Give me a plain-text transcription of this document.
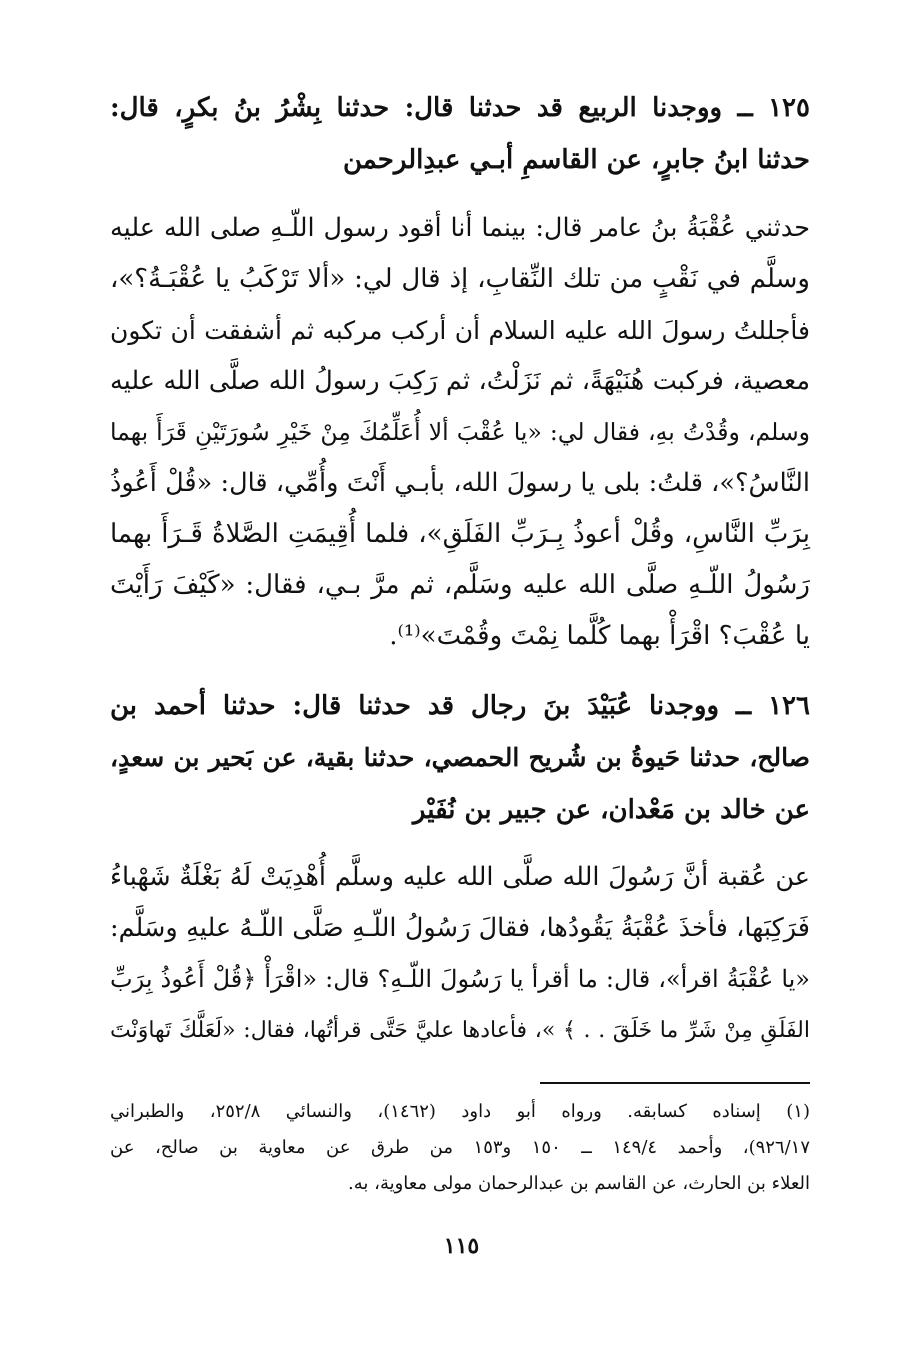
١٢٥ ــ ووجدنا الربيع قد حدثنا قال: حدثنا بِشْرُ بنُ بكرٍ، قال:
حدثنا ابنُ جابرٍ، عن القاسمِ أبـي عبدِالرحمن
حدثني عُقْبَةُ بنُ عامر قال: بينما أنا أقود رسول اللّـهِ صلى الله عليه
وسلَّم في نَقْبٍ من تلك النِّقابِ، إذ قال لي: «ألا تَرْكَبُ يا عُقْبَـةُ؟»،
فأجللتُ رسولَ الله عليه السلام أن أركب مركبه ثم أشفقت أن تكون
معصية، فركبت هُنَيْهَةً، ثم نَزَلْتُ، ثم رَكِبَ رسولُ الله صلَّى الله عليه
وسلم، وقُدْتُ بهِ، فقال لي: «يا عُقْبَ ألا أُعَلِّمُكَ مِنْ خَيْرِ سُورَتَيْنِ قَرَأَ بهما
النَّاسُ؟»، قلتُ: بلى يا رسولَ الله، بأبـي أَنْتَ وأُمِّي، قال: «قُلْ أَعُوذُ
بِرَبِّ النَّاسِ، وقُلْ أعوذُ بِـرَبِّ الفَلَقِ»، فلما أُقِيمَتِ الصَّلاةُ قَـرَأَ بهما
رَسُولُ اللّـهِ صلَّى الله عليه وسَلَّم، ثم مرَّ بـي، فقال: «كَيْفَ رَأَيْتَ
يا عُقْبَ؟ اقْرَأْ بهما كُلَّما نِمْتَ وقُمْتَ»⁽¹⁾.
١٢٦ ــ ووجدنا عُبَيْدَ بنَ رجال قد حدثنا قال: حدثنا أحمد بن
صالح، حدثنا حَيوةُ بن شُريح الحمصي، حدثنا بقية، عن بَحير بن سعدٍ،
عن خالد بن مَعْدان، عن جبير بن نُفَيْر
عن عُقبة أنَّ رَسُولَ الله صلَّى الله عليه وسلَّم أُهْدِيَتْ لَهُ بَغْلَةٌ شَهْباءُ
فَرَكِبَها، فأخذَ عُقْبَةُ يَقُودُها، فقالَ رَسُولُ اللّـهِ صَلَّى اللّـهُ عليهِ وسَلَّم:
«يا عُقْبَةُ اقرأ»، قال: ما أقرأ يا رَسُولَ اللّـهِ؟ قال: «اقْرَأْ ﴿قُلْ أَعُوذُ بِرَبِّ
الفَلَقِ مِنْ شَرِّ ما خَلَقَ . . ﴾ »، فأعادها عليَّ حَتَّى قرأتُها، فقال: «لَعَلَّكَ تَهاوَنْتَ
(١) إسناده كسابقه. ورواه أبو داود (١٤٦٢)، والنسائي ٢٥٢/٨، والطبراني
٩٢٦/١٧)، وأحمد ١٤٩/٤ ــ ١٥٠ و١٥٣ من طرق عن معاوية بن صالح، عن
العلاء بن الحارث، عن القاسم بن عبدالرحمان مولى معاوية، به.
١١٥
